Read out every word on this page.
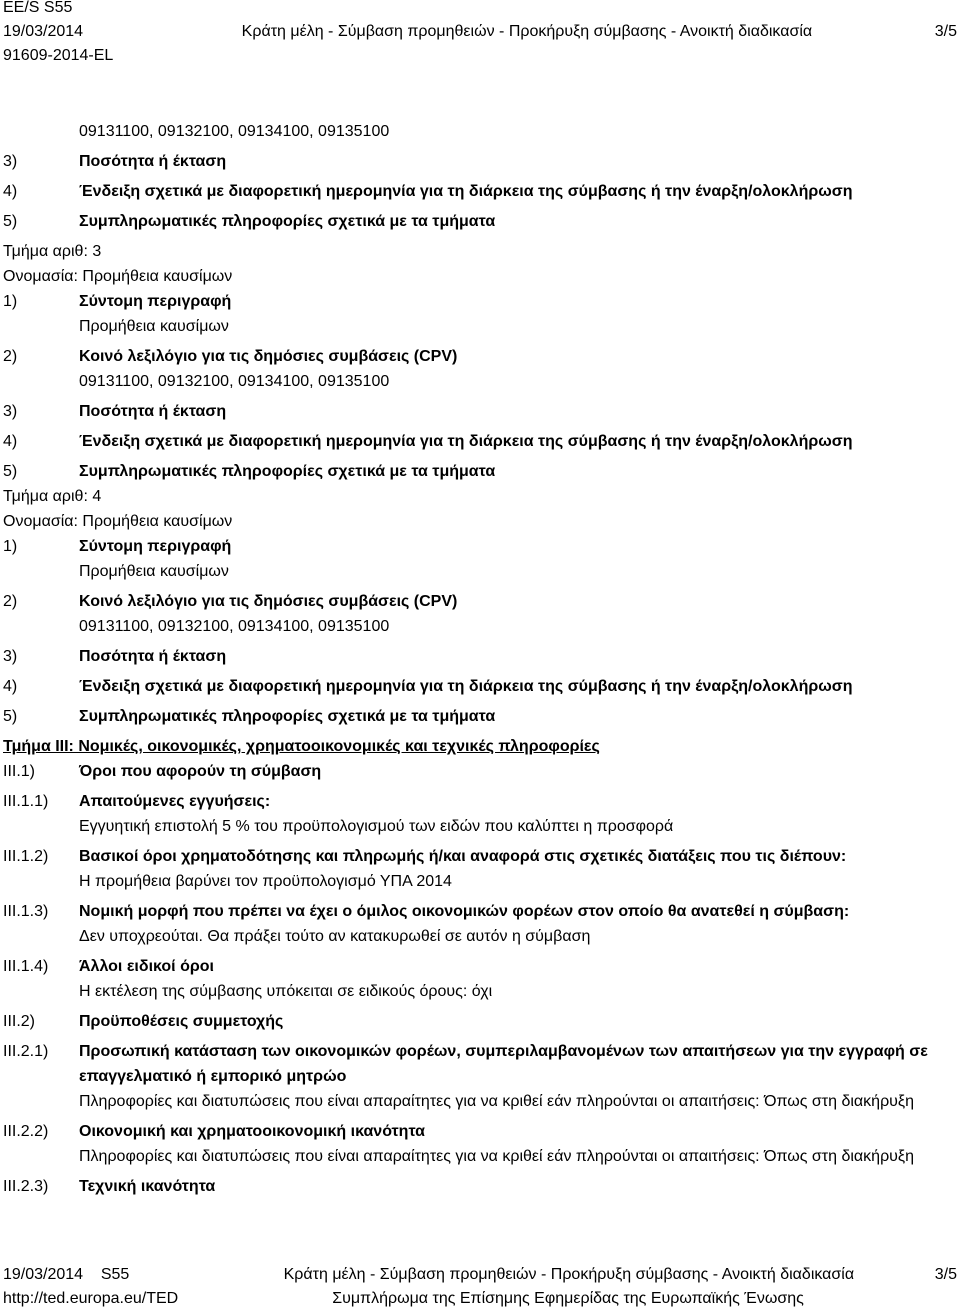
EE/S S55
19/03/2014	Κράτη μέλη - Σύμβαση προμηθειών - Προκήρυξη σύμβασης - Ανοικτή διαδικασία	3/5
91609-2014-EL
09131100, 09132100, 09134100, 09135100
3)	Ποσότητα ή έκταση
4)	Ένδειξη σχετικά με διαφορετική ημερομηνία για τη διάρκεια της σύμβασης ή την έναρξη/ολοκλήρωση
5)	Συμπληρωματικές πληροφορίες σχετικά με τα τμήματα
Τμήμα αριθ: 3
Ονομασία: Προμήθεια καυσίμων
1)	Σύντομη περιγραφή
Προμήθεια καυσίμων
2)	Κοινό λεξιλόγιο για τις δημόσιες συμβάσεις (CPV)
09131100, 09132100, 09134100, 09135100
3)	Ποσότητα ή έκταση
4)	Ένδειξη σχετικά με διαφορετική ημερομηνία για τη διάρκεια της σύμβασης ή την έναρξη/ολοκλήρωση
5)	Συμπληρωματικές πληροφορίες σχετικά με τα τμήματα
Τμήμα αριθ: 4
Ονομασία: Προμήθεια καυσίμων
1)	Σύντομη περιγραφή
Προμήθεια καυσίμων
2)	Κοινό λεξιλόγιο για τις δημόσιες συμβάσεις (CPV)
09131100, 09132100, 09134100, 09135100
3)	Ποσότητα ή έκταση
4)	Ένδειξη σχετικά με διαφορετική ημερομηνία για τη διάρκεια της σύμβασης ή την έναρξη/ολοκλήρωση
5)	Συμπληρωματικές πληροφορίες σχετικά με τα τμήματα
Τμήμα III: Νομικές, οικονομικές, χρηματοοικονομικές και τεχνικές πληροφορίες
III.1)	Όροι που αφορούν τη σύμβαση
III.1.1)	Απαιτούμενες εγγυήσεις:
Εγγυητική επιστολή 5 % του προϋπολογισμού των ειδών που καλύπτει η προσφορά
III.1.2)	Βασικοί όροι χρηματοδότησης και πληρωμής ή/και αναφορά στις σχετικές διατάξεις που τις διέπουν:
Η προμήθεια βαρύνει τον προϋπολογισμό ΥΠΑ 2014
III.1.3)	Νομική μορφή που πρέπει να έχει ο όμιλος οικονομικών φορέων στον οποίο θα ανατεθεί η σύμβαση:
Δεν υποχρεούται. Θα πράξει τούτο αν κατακυρωθεί σε αυτόν η σύμβαση
III.1.4)	Άλλοι ειδικοί όροι
Η εκτέλεση της σύμβασης υπόκειται σε ειδικούς όρους: όχι
III.2)	Προϋποθέσεις συμμετοχής
III.2.1)	Προσωπική κατάσταση των οικονομικών φορέων, συμπεριλαμβανομένων των απαιτήσεων για την εγγραφή σε επαγγελματικό ή εμπορικό μητρώο
Πληροφορίες και διατυπώσεις που είναι απαραίτητες για να κριθεί εάν πληρούνται οι απαιτήσεις: Όπως στη διακήρυξη
III.2.2)	Οικονομική και χρηματοοικονομική ικανότητα
Πληροφορίες και διατυπώσεις που είναι απαραίτητες για να κριθεί εάν πληρούνται οι απαιτήσεις: Όπως στη διακήρυξη
III.2.3)	Τεχνική ικανότητα
19/03/2014    S55	Κράτη μέλη - Σύμβαση προμηθειών - Προκήρυξη σύμβασης - Ανοικτή διαδικασία	3/5
http://ted.europa.eu/TED	Συμπλήρωμα της Επίσημης Εφημερίδας της Ευρωπαϊκής Ένωσης
